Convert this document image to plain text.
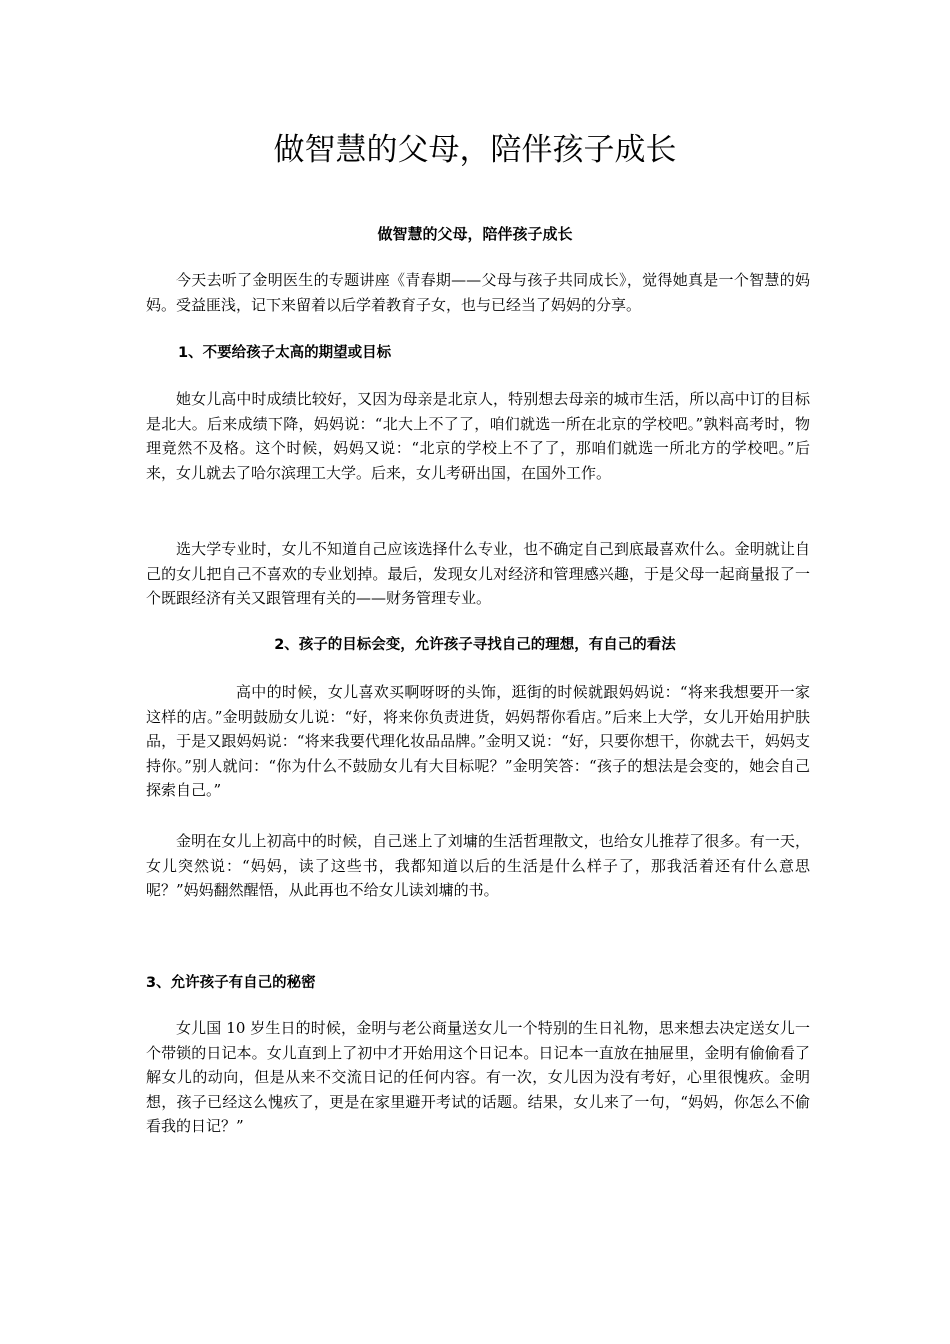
做智慧的父母，陪伴孩子成长
做智慧的父母，陪伴孩子成长

今天去听了金明医生的专题讲座《青春期——父母与孩子共同成长》，觉得她真是一个智慧的妈妈。受益匪浅，记下来留着以后学着教育子女，也与已经当了妈妈的分享。

1、不要给孩子太高的期望或目标

她女儿高中时成绩比较好，又因为母亲是北京人，特别想去母亲的城市生活，所以高中订的目标是北大。后来成绩下降，妈妈说：“北大上不了了，咱们就选一所在北京的学校吧。”孰料高考时，物理竟然不及格。这个时候，妈妈又说：“北京的学校上不了了，那咱们就选一所北方的学校吧。”后来，女儿就去了哈尔滨理工大学。后来，女儿考研出国，在国外工作。

选大学专业时，女儿不知道自己应该选择什么专业，也不确定自己到底最喜欢什么。金明就让自己的女儿把自己不喜欢的专业划掉。最后，发现女儿对经济和管理感兴趣，于是父母一起商量报了一个既跟经济有关又跟管理有关的——财务管理专业。

2、孩子的目标会变，允许孩子寻找自己的理想，有自己的看法

高中的时候，女儿喜欢买啊呀呀的头饰，逛街的时候就跟妈妈说：“将来我想要开一家这样的店。”金明鼓励女儿说：“好，将来你负责进货，妈妈帮你看店。”后来上大学，女儿开始用护肤品，于是又跟妈妈说：“将来我要代理化妆品品牌。”金明又说：“好，只要你想干，你就去干，妈妈支持你。”别人就问：“你为什么不鼓励女儿有大目标呢？”金明笑答：“孩子的想法是会变的，她会自己探索自己。”

金明在女儿上初高中的时候，自己迷上了刘墉的生活哲理散文，也给女儿推荐了很多。有一天，女儿突然说：“妈妈，读了这些书，我都知道以后的生活是什么样子了，那我活着还有什么意思呢？”妈妈翻然醒悟，从此再也不给女儿读刘墉的书。

3、允许孩子有自己的秘密

女儿国 10 岁生日的时候，金明与老公商量送女儿一个特别的生日礼物，思来想去决定送女儿一个带锁的日记本。女儿直到上了初中才开始用这个日记本。日记本一直放在抽屉里，金明有偷偷看了解女儿的动向，但是从来不交流日记的任何内容。有一次，女儿因为没有考好，心里很愧疚。金明想，孩子已经这么愧疚了，更是在家里避开考试的话题。结果，女儿来了一句，“妈妈，你怎么不偷看我的日记？”
